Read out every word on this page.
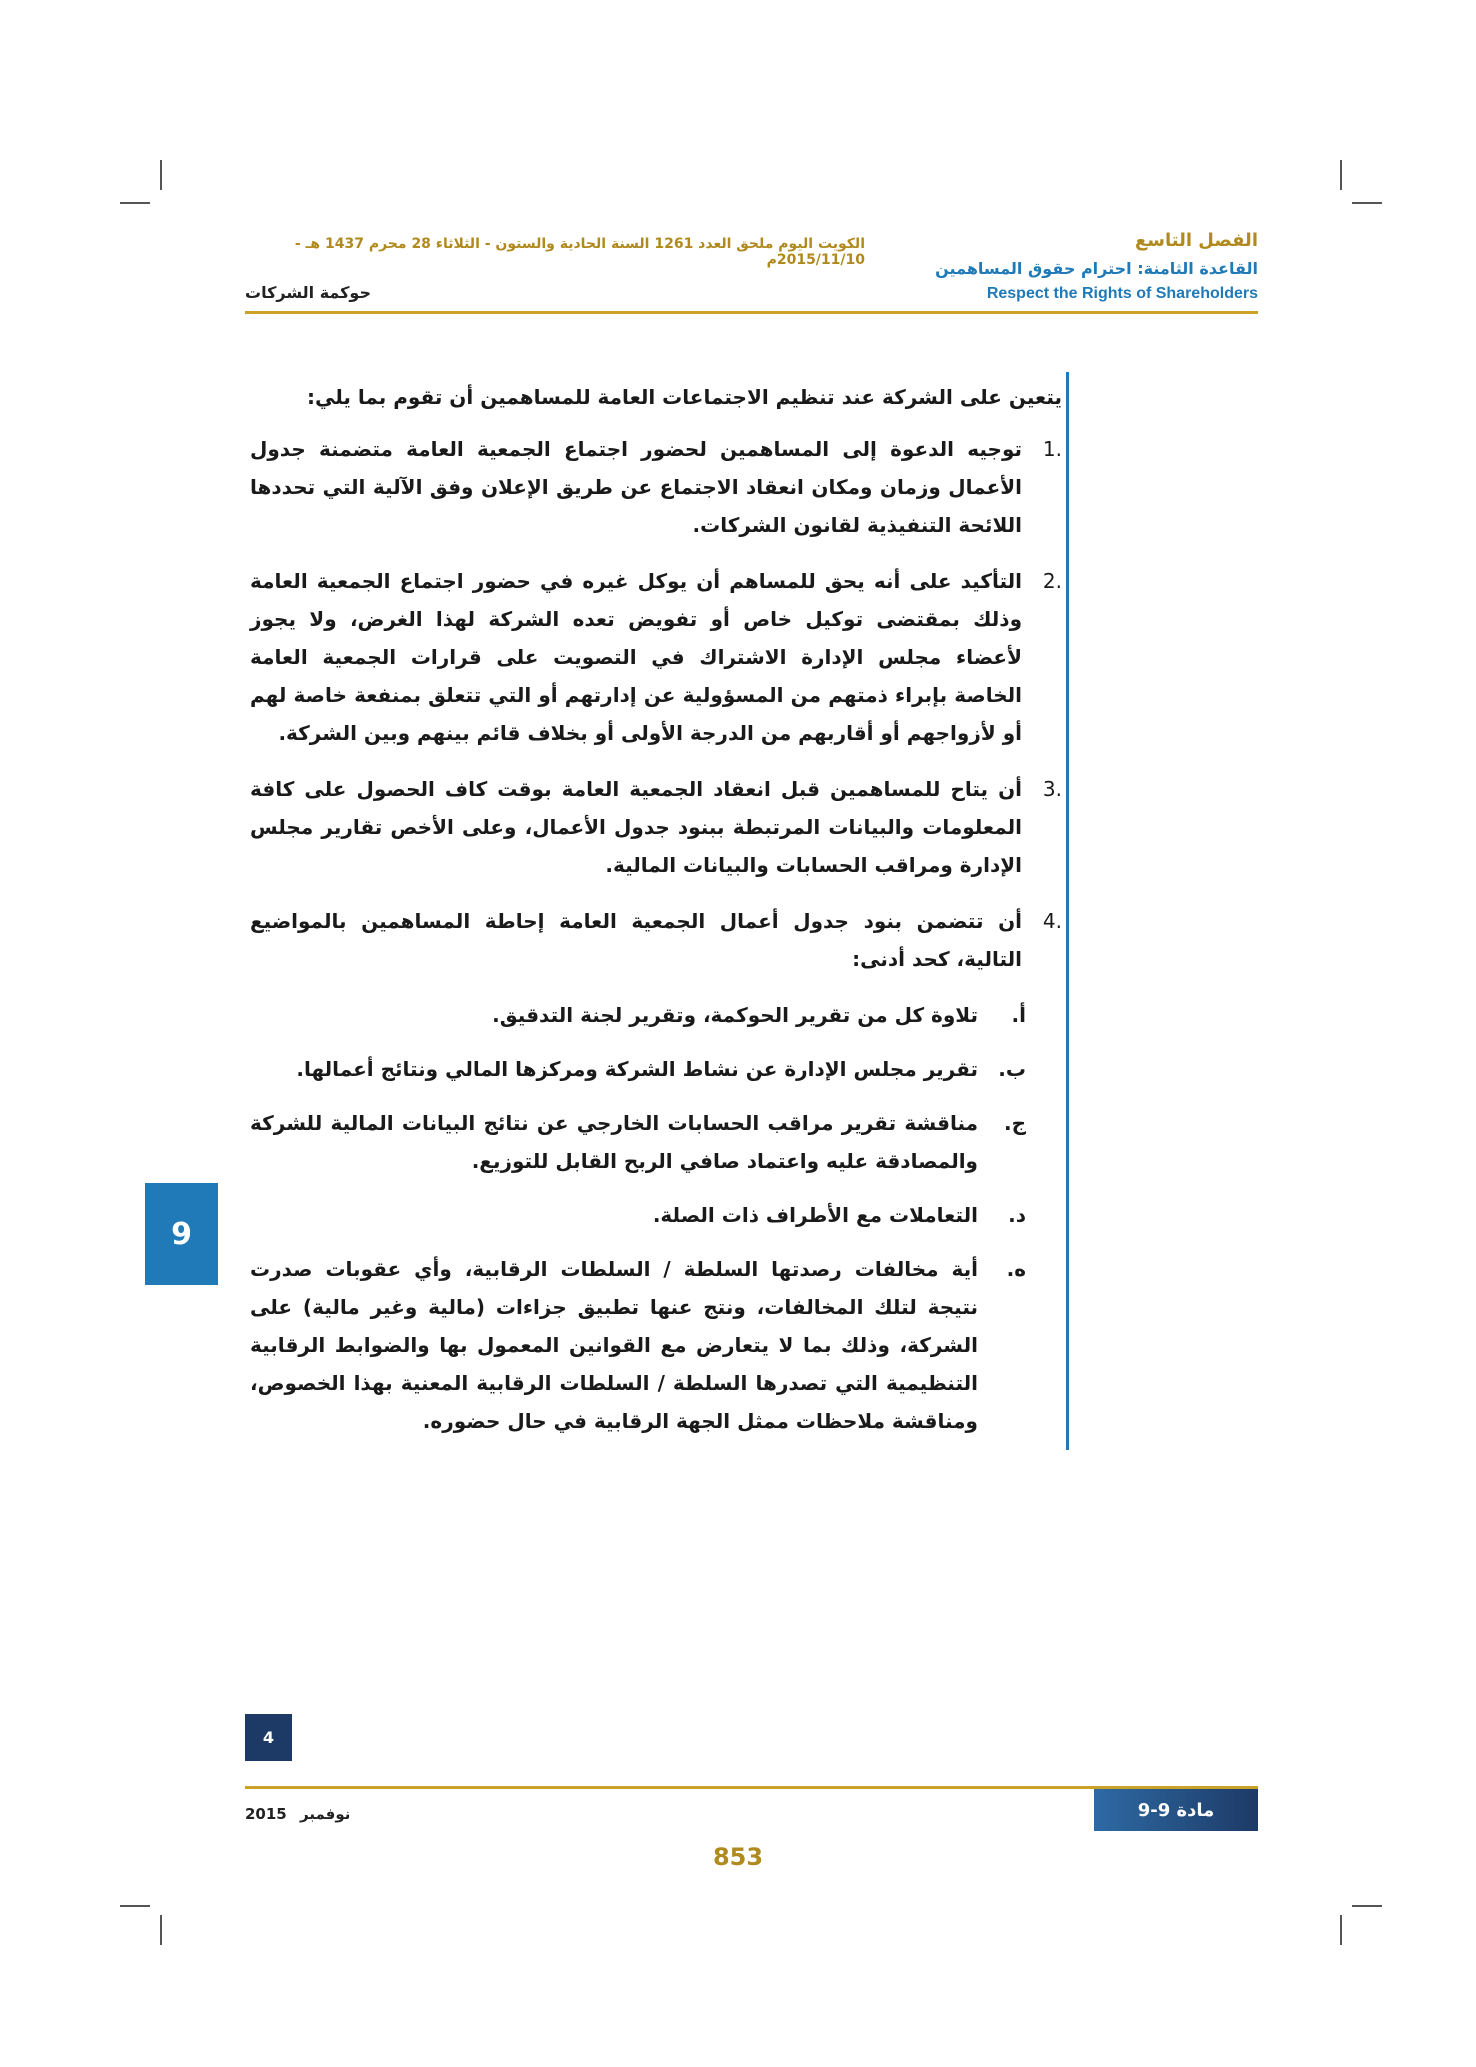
الكويت اليوم ملحق العدد 1261 السنة الحادية والستون - الثلاثاء 28 محرم 1437 هـ - 2015/11/10م
حوكمة الشركات
الفصل التاسع
القاعدة الثامنة: احترام حقوق المساهمين
Respect the Rights of Shareholders

يتعين على الشركة عند تنظيم الاجتماعات العامة للمساهمين أن تقوم بما يلي:

.1
توجيه الدعوة إلى المساهمين لحضور اجتماع الجمعية العامة متضمنة جدول الأعمال وزمان ومكان انعقاد الاجتماع عن طريق الإعلان وفق الآلية التي تحددها اللائحة التنفيذية لقانون الشركات.
.2
التأكيد على أنه يحق للمساهم أن يوكل غيره في حضور اجتماع الجمعية العامة وذلك بمقتضى توكيل خاص أو تفويض تعده الشركة لهذا الغرض، ولا يجوز لأعضاء مجلس الإدارة الاشتراك في التصويت على قرارات الجمعية العامة الخاصة بإبراء ذمتهم من المسؤولية عن إدارتهم أو التي تتعلق بمنفعة خاصة لهم أو لأزواجهم أو أقاربهم من الدرجة الأولى أو بخلاف قائم بينهم وبين الشركة.
.3
أن يتاح للمساهمين قبل انعقاد الجمعية العامة بوقت كاف الحصول على كافة المعلومات والبيانات المرتبطة ببنود جدول الأعمال، وعلى الأخص تقارير مجلس الإدارة ومراقب الحسابات والبيانات المالية.
.4
أن تتضمن بنود جدول أعمال الجمعية العامة إحاطة المساهمين بالمواضيع التالية، كحد أدنى:
أ.
تلاوة كل من تقرير الحوكمة، وتقرير لجنة التدقيق.
ب.
تقرير مجلس الإدارة عن نشاط الشركة ومركزها المالي ونتائج أعمالها.
ج.
مناقشة تقرير مراقب الحسابات الخارجي عن نتائج البيانات المالية للشركة والمصادقة عليه واعتماد صافي الربح القابل للتوزيع.
د.
التعاملات مع الأطراف ذات الصلة.
ه.
أية مخالفات رصدتها السلطة / السلطات الرقابية، وأي عقوبات صدرت نتيجة لتلك المخالفات، ونتج عنها تطبيق جزاءات (مالية وغير مالية) على الشركة، وذلك بما لا يتعارض مع القوانين المعمول بها والضوابط الرقابية التنظيمية التي تصدرها السلطة / السلطات الرقابية المعنية بهذا الخصوص، ومناقشة ملاحظات ممثل الجهة الرقابية في حال حضوره.
9
4
2015 نوفمبر	مادة 9-9
853
